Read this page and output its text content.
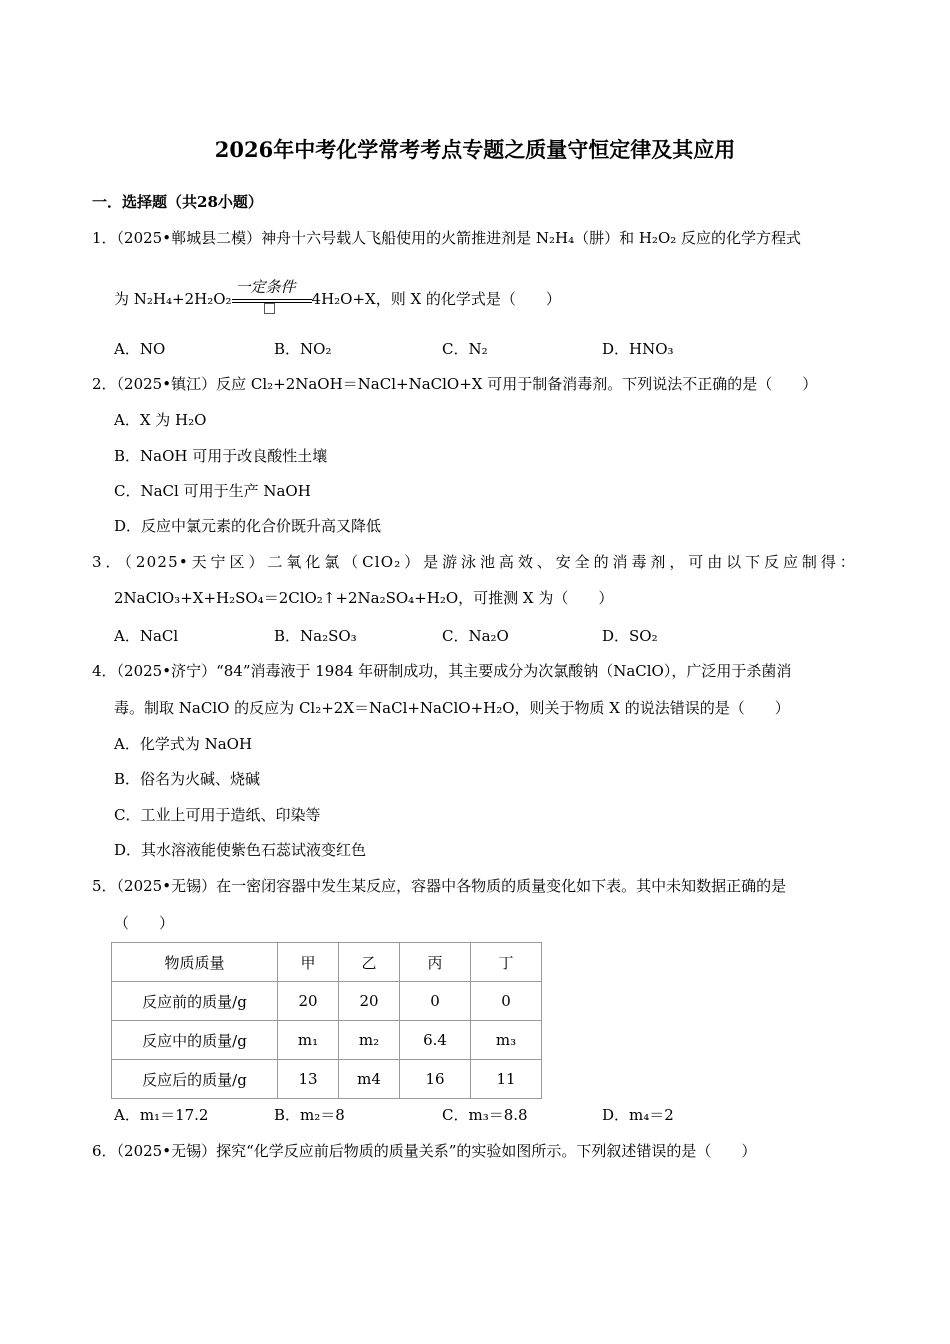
2026年中考化学常考考点专题之质量守恒定律及其应用
一．选择题（共28小题）
1．（2025•郸城县二模）神舟十六号载人飞船使用的火箭推进剂是 N₂H₄（肼）和 H₂O₂ 反应的化学方程式
为 N₂H₄+2H₂O₂
一定条件
4H₂O+X，则 X 的化学式是（　　）
A．NO	B．NO₂	C．N₂	D．HNO₃
2．（2025•镇江）反应 Cl₂+2NaOH＝NaCl+NaClO+X 可用于制备消毒剂。下列说法不正确的是（　　）
A．X 为 H₂O
B．NaOH 可用于改良酸性土壤
C．NaCl 可用于生产 NaOH
D．反应中氯元素的化合价既升高又降低
3．（2025•天宁区）二氧化氯（ClO₂）是游泳池高效、安全的消毒剂，可由以下反应制得：
2NaClO₃+X+H₂SO₄＝2ClO₂↑+2Na₂SO₄+H₂O，可推测 X 为（　　）
A．NaCl	B．Na₂SO₃	C．Na₂O	D．SO₂
4．（2025•济宁）“84”消毒液于 1984 年研制成功，其主要成分为次氯酸钠（NaClO），广泛用于杀菌消
毒。制取 NaClO 的反应为 Cl₂+2X＝NaCl+NaClO+H₂O，则关于物质 X 的说法错误的是（　　）
A．化学式为 NaOH
B．俗名为火碱、烧碱
C．工业上可用于造纸、印染等
D．其水溶液能使紫色石蕊试液变红色
5．（2025•无锡）在一密闭容器中发生某反应，容器中各物质的质量变化如下表。其中未知数据正确的是
（　　）
物质质量	甲	乙	丙	丁
反应前的质量/g	20	20	0	0
反应中的质量/g	m₁	m₂	6.4	m₃
反应后的质量/g	13	m4	16	11
A．m₁＝17.2	B．m₂＝8	C．m₃＝8.8	D．m₄＝2
6．（2025•无锡）探究“化学反应前后物质的质量关系”的实验如图所示。下列叙述错误的是（　　）
